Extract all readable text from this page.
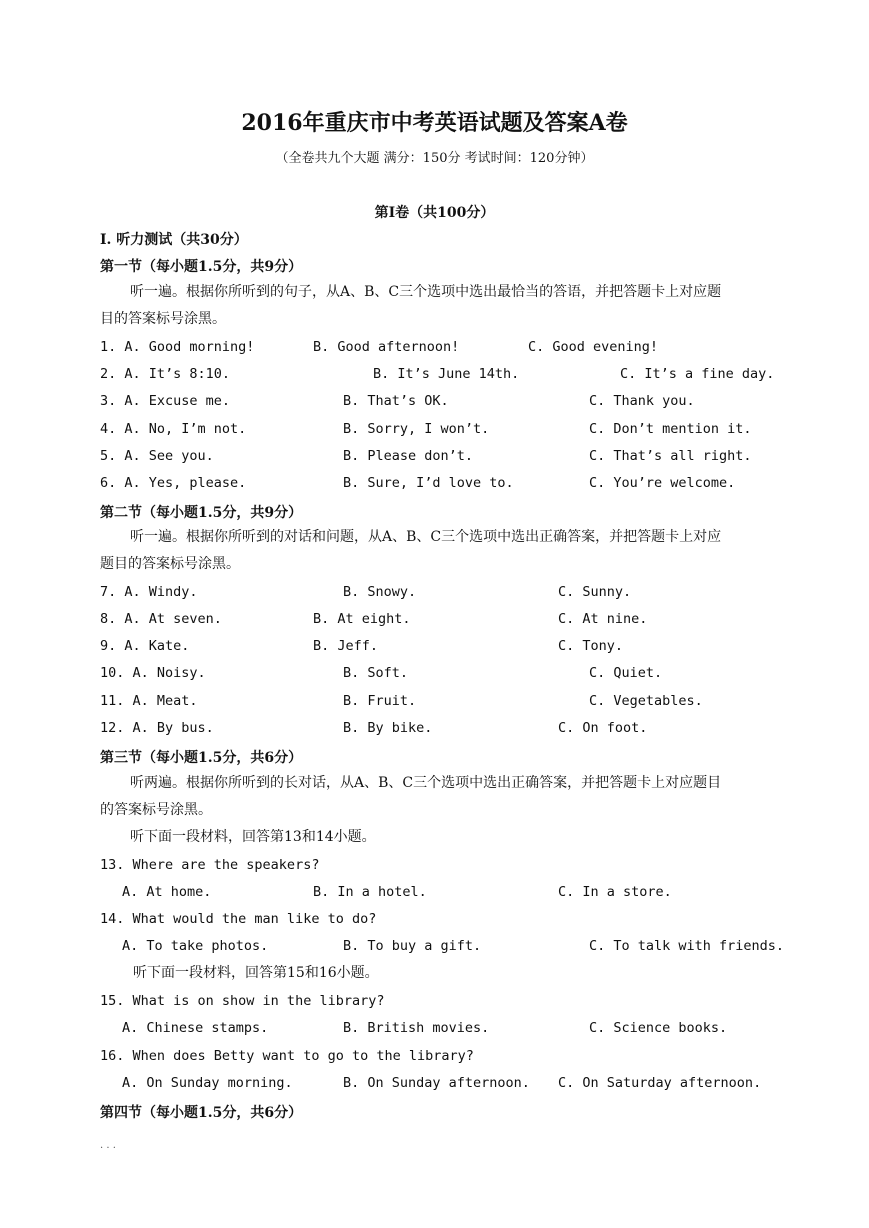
2016年重庆市中考英语试题及答案A卷
（全卷共九个大题 满分：150分 考试时间：120分钟）
第Ⅰ卷（共100分）
I. 听力测试（共30分）
第一节（每小题1.5分，共9分）
听一遍。根据你所听到的句子，从A、B、C三个选项中选出最恰当的答语，并把答题卡上对应题
目的答案标号涂黑。
1. A. Good morning!	B. Good afternoon!	C. Good evening!
2. A. It’s 8:10.	B. It’s June 14th.	C. It’s a fine day.
3. A. Excuse me.	B. That’s OK.	C. Thank you.
4. A. No, I’m not.	B. Sorry, I won’t.	C. Don’t mention it.
5. A. See you.	B. Please don’t.	C. That’s all right.
6. A. Yes, please.	B. Sure, I’d love to.	C. You’re welcome.
第二节（每小题1.5分，共9分）
听一遍。根据你所听到的对话和问题，从A、B、C三个选项中选出正确答案，并把答题卡上对应
题目的答案标号涂黑。
7. A. Windy.	B. Snowy.	C. Sunny.
8. A. At seven.	B. At eight.	C. At nine.
9. A. Kate.	B. Jeff.	C. Tony.
10. A. Noisy.	B. Soft.	C. Quiet.
11. A. Meat.	B. Fruit.	C. Vegetables.
12. A. By bus.	B. By bike.	C. On foot.
第三节（每小题1.5分，共6分）
听两遍。根据你所听到的长对话，从A、B、C三个选项中选出正确答案，并把答题卡上对应题目
的答案标号涂黑。
听下面一段材料，回答第13和14小题。
13. Where are the speakers?
A. At home.	B. In a hotel.	C. In a store.
14. What would the man like to do?
A. To take photos.	B. To buy a gift.	C. To talk with friends.
听下面一段材料，回答第15和16小题。
15. What is on show in the library?
A. Chinese stamps.	B. British movies.	C. Science books.
16. When does Betty want to go to the library?
A. On Sunday morning.	B. On Sunday afternoon. C. On Saturday afternoon.
第四节（每小题1.5分，共6分）
. . .
